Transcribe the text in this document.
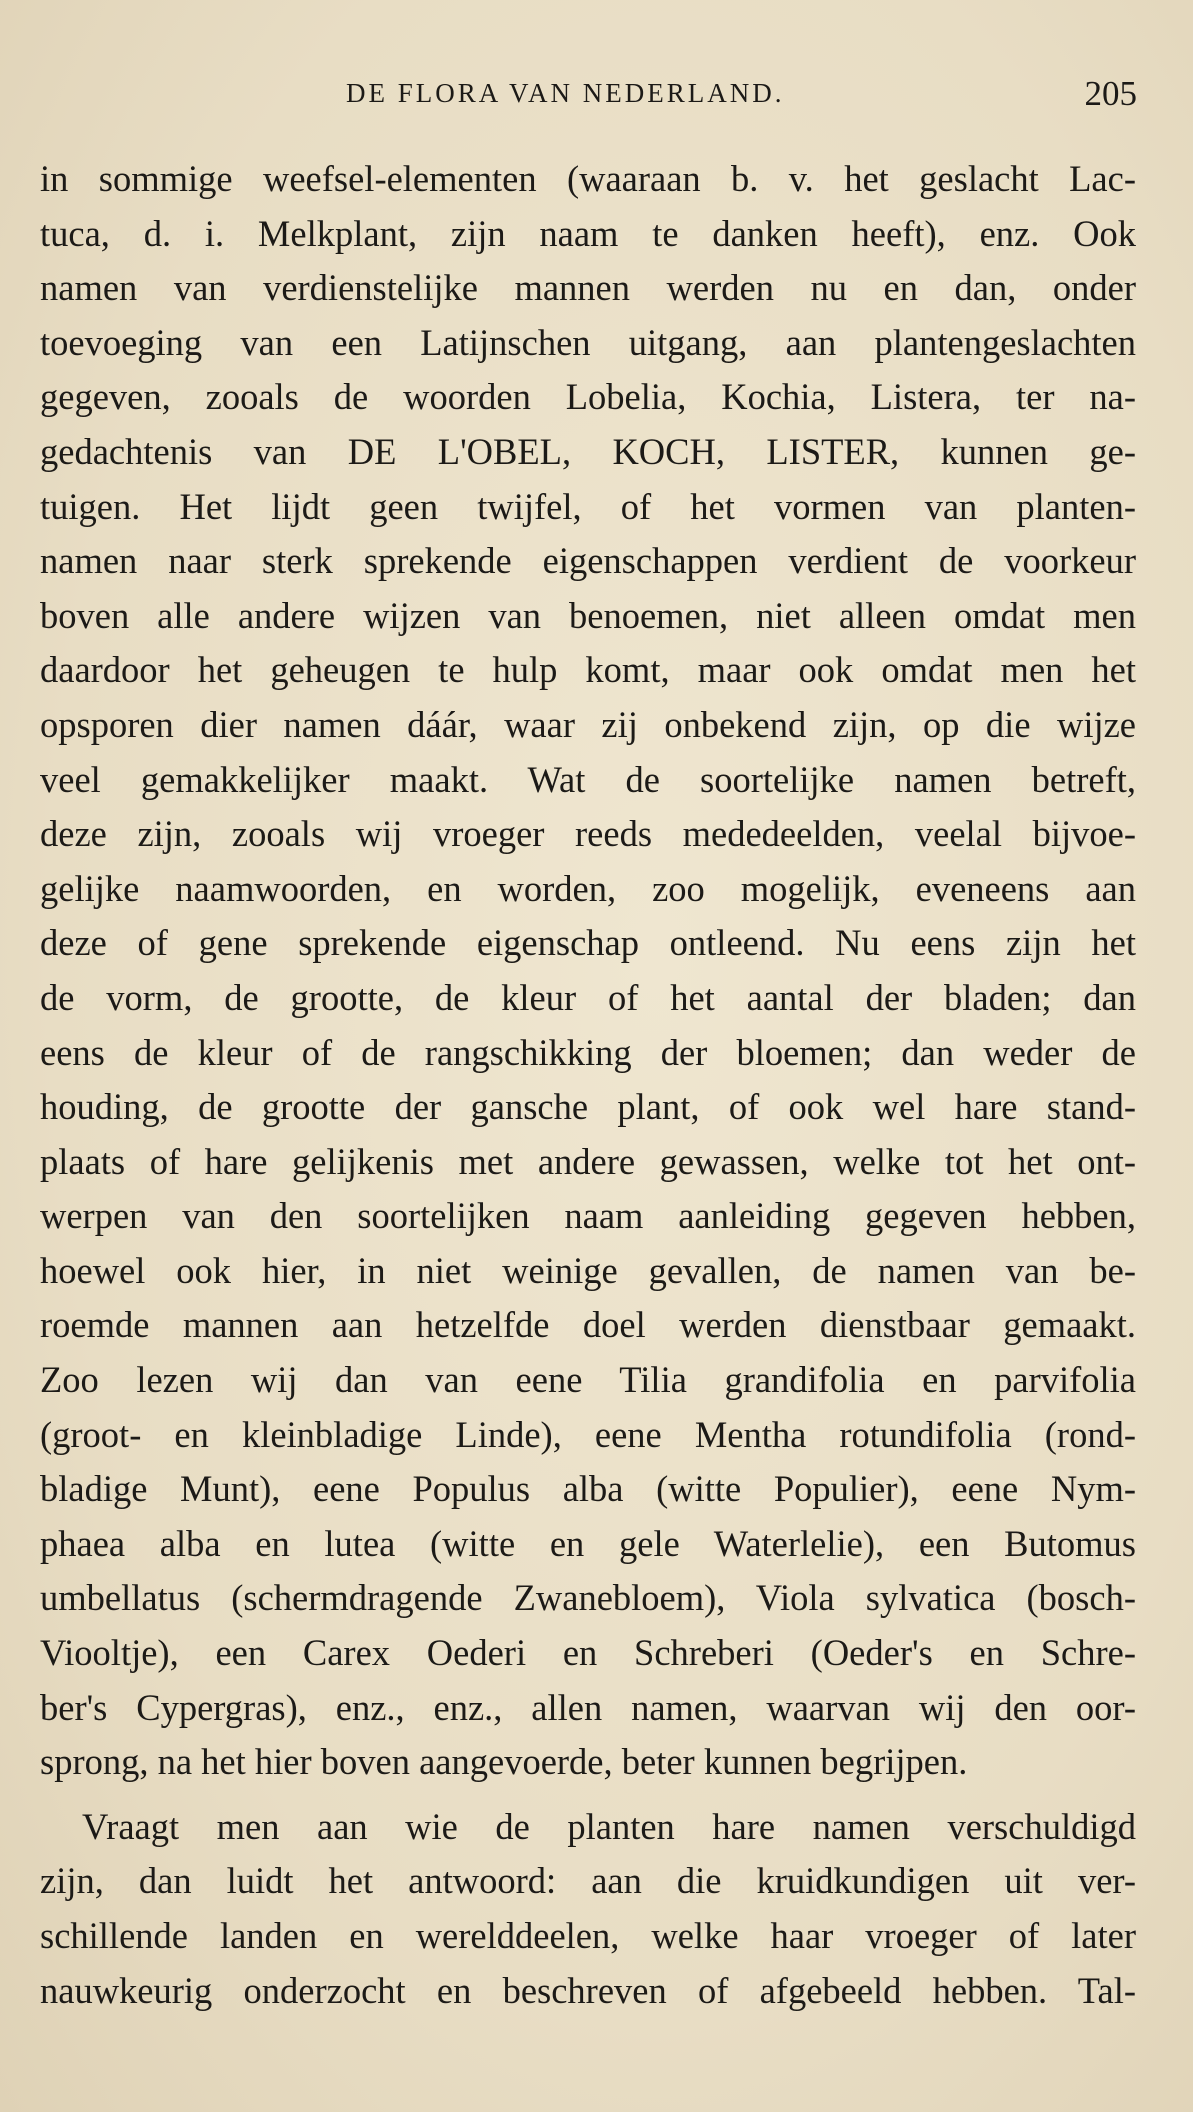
DE FLORA VAN NEDERLAND.	205
in sommige weefsel-elementen (waaraan b. v. het geslacht Lac-
tuca, d. i. Melkplant, zijn naam te danken heeft), enz. Ook
namen van verdienstelijke mannen werden nu en dan, onder
toevoeging van een Latijnschen uitgang, aan plantengeslachten
gegeven, zooals de woorden Lobelia, Kochia, Listera, ter na-
gedachtenis van DE L'OBEL, KOCH, LISTER, kunnen ge-
tuigen. Het lijdt geen twijfel, of het vormen van planten-
namen naar sterk sprekende eigenschappen verdient de voorkeur
boven alle andere wijzen van benoemen, niet alleen omdat men
daardoor het geheugen te hulp komt, maar ook omdat men het
opsporen dier namen dáár, waar zij onbekend zijn, op die wijze
veel gemakkelijker maakt. Wat de soortelijke namen betreft,
deze zijn, zooals wij vroeger reeds mededeelden, veelal bijvoe-
gelijke naamwoorden, en worden, zoo mogelijk, eveneens aan
deze of gene sprekende eigenschap ontleend. Nu eens zijn het
de vorm, de grootte, de kleur of het aantal der bladen; dan
eens de kleur of de rangschikking der bloemen; dan weder de
houding, de grootte der gansche plant, of ook wel hare stand-
plaats of hare gelijkenis met andere gewassen, welke tot het ont-
werpen van den soortelijken naam aanleiding gegeven hebben,
hoewel ook hier, in niet weinige gevallen, de namen van be-
roemde mannen aan hetzelfde doel werden dienstbaar gemaakt.
Zoo lezen wij dan van eene Tilia grandifolia en parvifolia
(groot- en kleinbladige Linde), eene Mentha rotundifolia (rond-
bladige Munt), eene Populus alba (witte Populier), eene Nym-
phaea alba en lutea (witte en gele Waterlelie), een Butomus
umbellatus (schermdragende Zwanebloem), Viola sylvatica (bosch-
Viooltje), een Carex Oederi en Schreberi (Oeder's en Schre-
ber's Cypergras), enz., enz., allen namen, waarvan wij den oor-
sprong, na het hier boven aangevoerde, beter kunnen begrijpen.
Vraagt men aan wie de planten hare namen verschuldigd
zijn, dan luidt het antwoord: aan die kruidkundigen uit ver-
schillende landen en werelddeelen, welke haar vroeger of later
nauwkeurig onderzocht en beschreven of afgebeeld hebben. Tal-
